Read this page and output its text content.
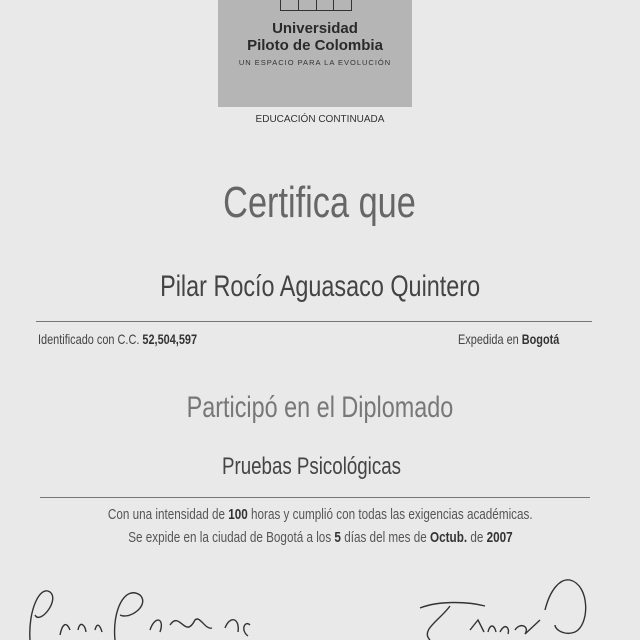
Universidad
Piloto de Colombia
UN ESPACIO PARA LA EVOLUCIÓN
EDUCACIÓN CONTINUADA
Certifica que
Pilar Rocío Aguasaco Quintero
Identificado con C.C. 52,504,597	Expedida en Bogotá
Participó en el Diplomado
Pruebas Psicológicas
Con una intensidad de 100 horas y cumplió con todas las exigencias académicas.
Se expide en la ciudad de Bogotá a los 5 días del mes de Octub. de 2007
